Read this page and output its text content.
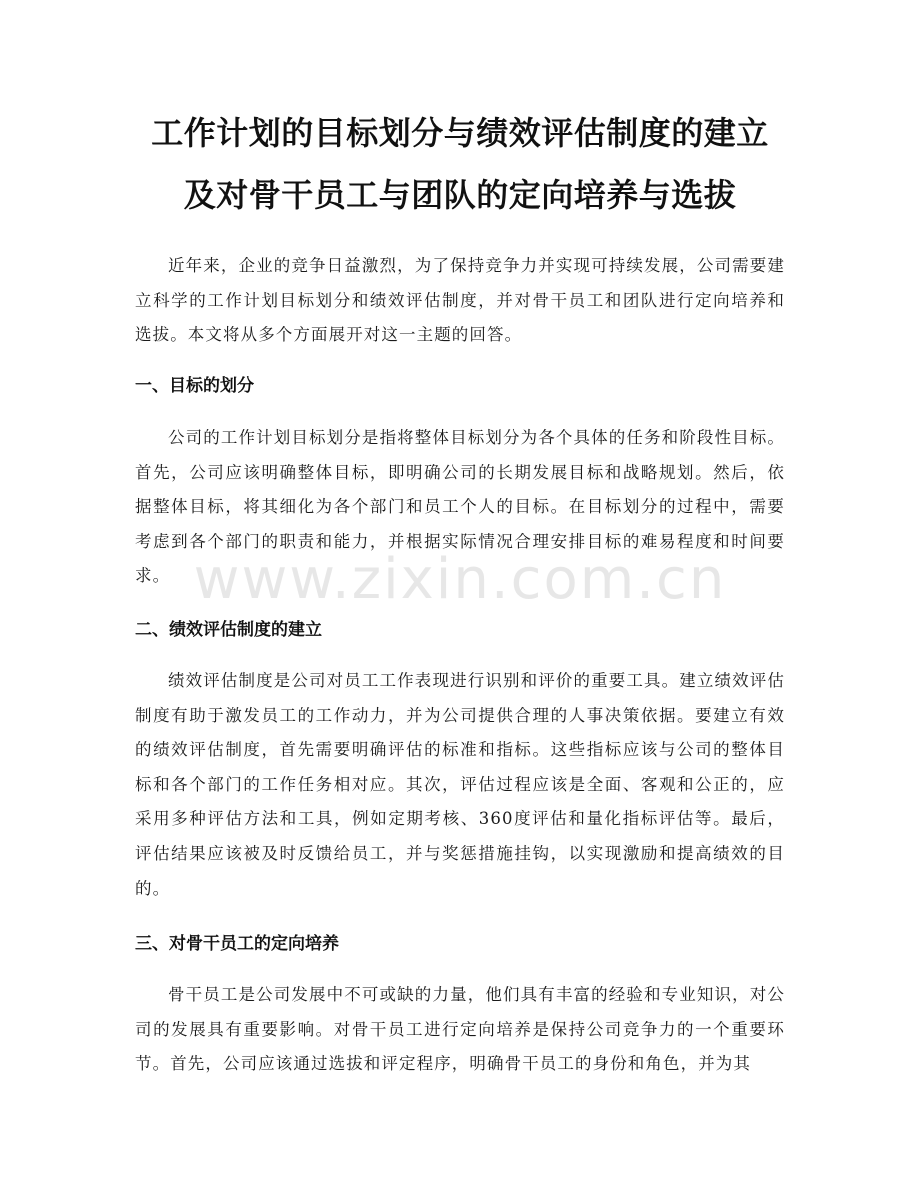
工作计划的目标划分与绩效评估制度的建立
及对骨干员工与团队的定向培养与选拔

近年来，企业的竞争日益激烈，为了保持竞争力并实现可持续发展，公司需要建立科学的工作计划目标划分和绩效评估制度，并对骨干员工和团队进行定向培养和选拔。本文将从多个方面展开对这一主题的回答。

一、目标的划分

公司的工作计划目标划分是指将整体目标划分为各个具体的任务和阶段性目标。首先，公司应该明确整体目标，即明确公司的长期发展目标和战略规划。然后，依据整体目标，将其细化为各个部门和员工个人的目标。在目标划分的过程中，需要考虑到各个部门的职责和能力，并根据实际情况合理安排目标的难易程度和时间要求。

二、绩效评估制度的建立

绩效评估制度是公司对员工工作表现进行识别和评价的重要工具。建立绩效评估制度有助于激发员工的工作动力，并为公司提供合理的人事决策依据。要建立有效的绩效评估制度，首先需要明确评估的标准和指标。这些指标应该与公司的整体目标和各个部门的工作任务相对应。其次，评估过程应该是全面、客观和公正的，应采用多种评估方法和工具，例如定期考核、360度评估和量化指标评估等。最后，评估结果应该被及时反馈给员工，并与奖惩措施挂钩，以实现激励和提高绩效的目的。

三、对骨干员工的定向培养

骨干员工是公司发展中不可或缺的力量，他们具有丰富的经验和专业知识，对公司的发展具有重要影响。对骨干员工进行定向培养是保持公司竞争力的一个重要环节。首先，公司应该通过选拔和评定程序，明确骨干员工的身份和角色，并为其

www.zixin.com.cn
